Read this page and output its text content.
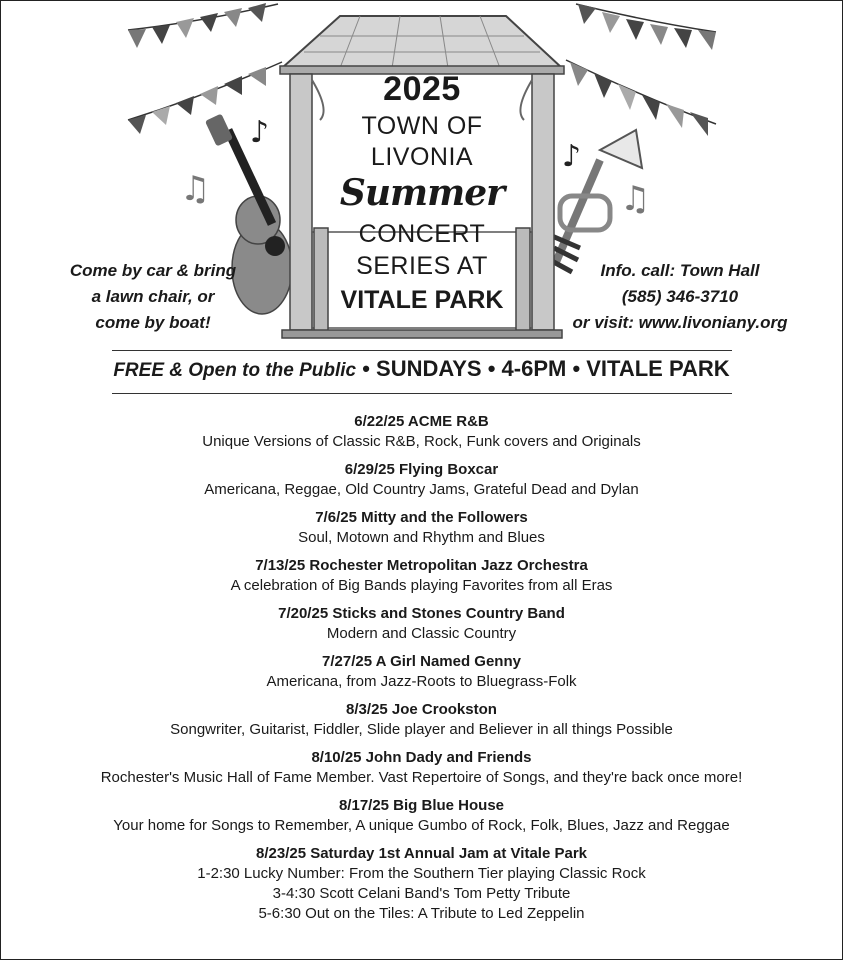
♪
♫
♪
♫
2025
TOWN OF
LIVONIA
Summer
CONCERT
SERIES AT
VITALE PARK
Come by car & bring
a lawn chair, or
come by boat!
Info. call: Town Hall
(585) 346-3710
or visit: www.livoniany.org
FREE & Open to the Public • SUNDAYS • 4-6PM • VITALE PARK
6/22/25 ACME R&B
Unique Versions of Classic R&B, Rock, Funk covers and Originals
6/29/25 Flying Boxcar
Americana, Reggae, Old Country Jams, Grateful Dead and Dylan
7/6/25 Mitty and the Followers
Soul, Motown and Rhythm and Blues
7/13/25 Rochester Metropolitan Jazz Orchestra
A celebration of Big Bands playing Favorites from all Eras
7/20/25 Sticks and Stones Country Band
Modern and Classic Country
7/27/25 A Girl Named Genny
Americana, from Jazz-Roots to Bluegrass-Folk
8/3/25 Joe Crookston
Songwriter, Guitarist, Fiddler, Slide player and Believer in all things Possible
8/10/25 John Dady and Friends
Rochester's Music Hall of Fame Member. Vast Repertoire of Songs, and they're back once more!
8/17/25 Big Blue House
Your home for Songs to Remember, A unique Gumbo of Rock, Folk, Blues, Jazz and Reggae
8/23/25 Saturday 1st Annual Jam at Vitale Park
1-2:30 Lucky Number: From the Southern Tier playing Classic Rock
3-4:30 Scott Celani Band's Tom Petty Tribute
5-6:30 Out on the Tiles: A Tribute to Led Zeppelin
